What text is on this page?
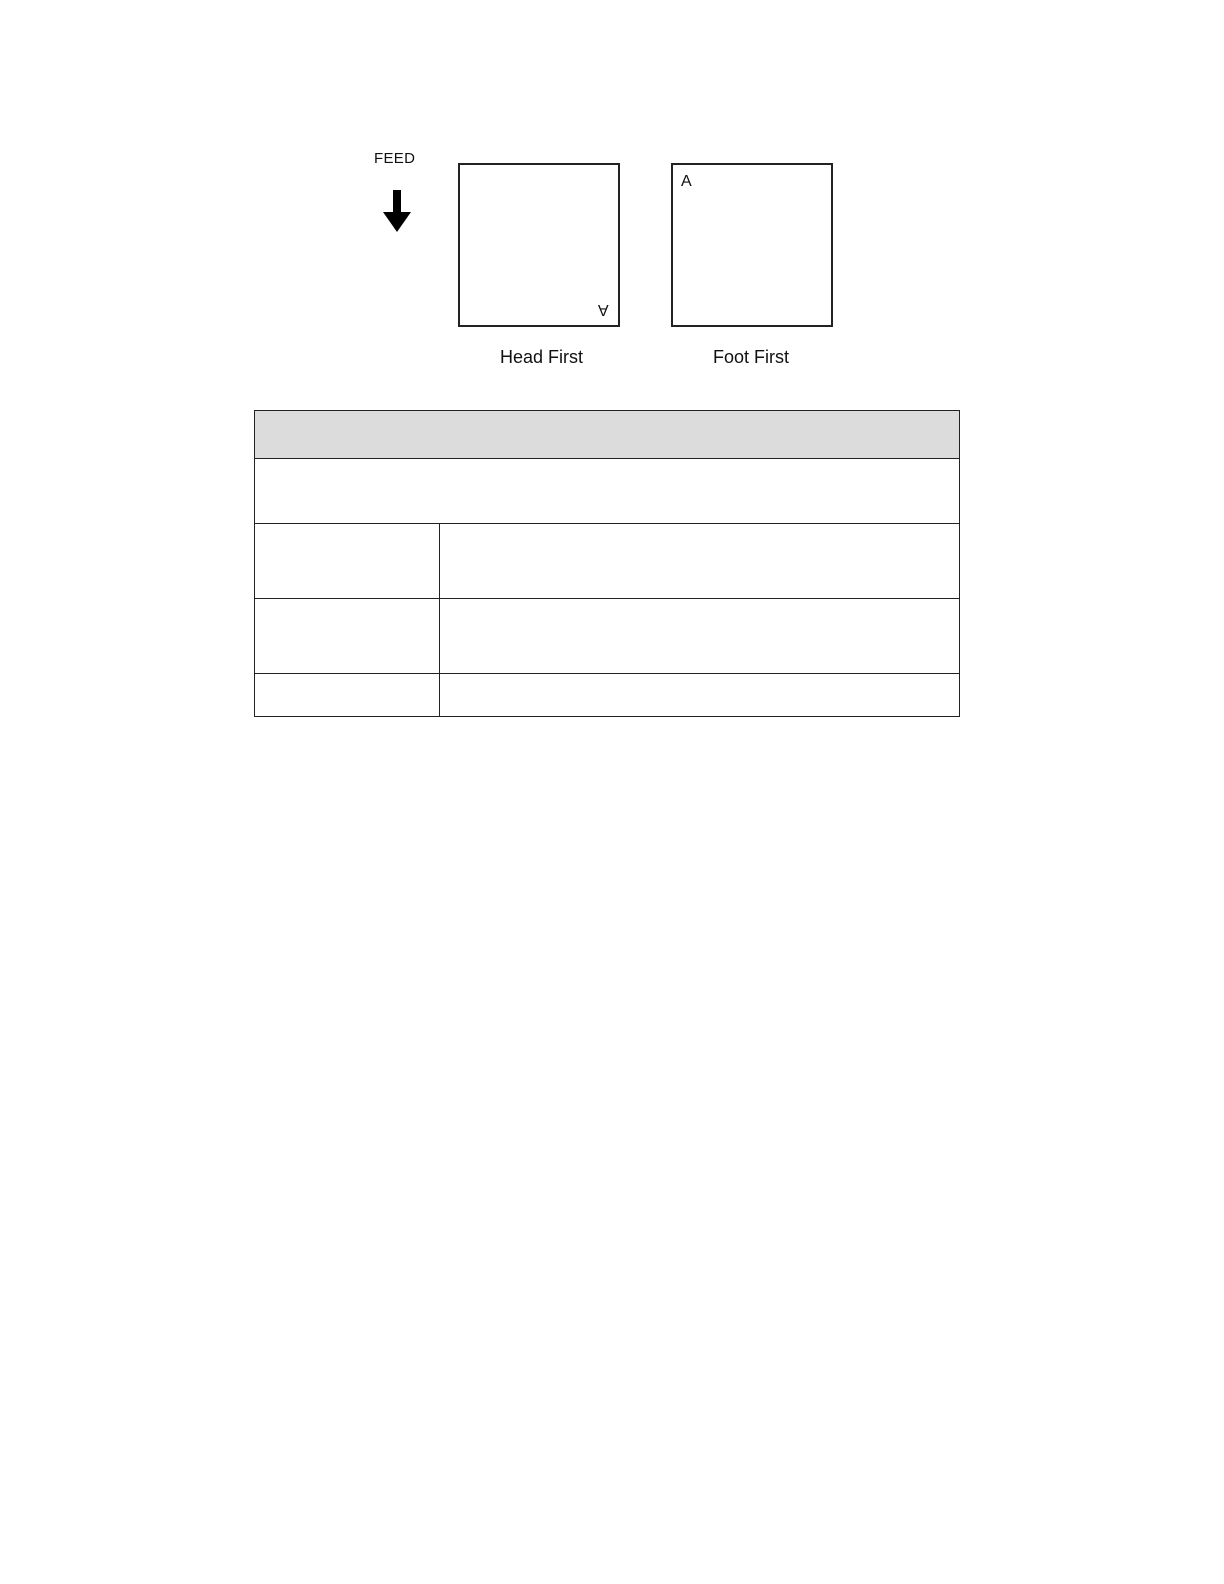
FEED
A
A
Head First	Foot First
